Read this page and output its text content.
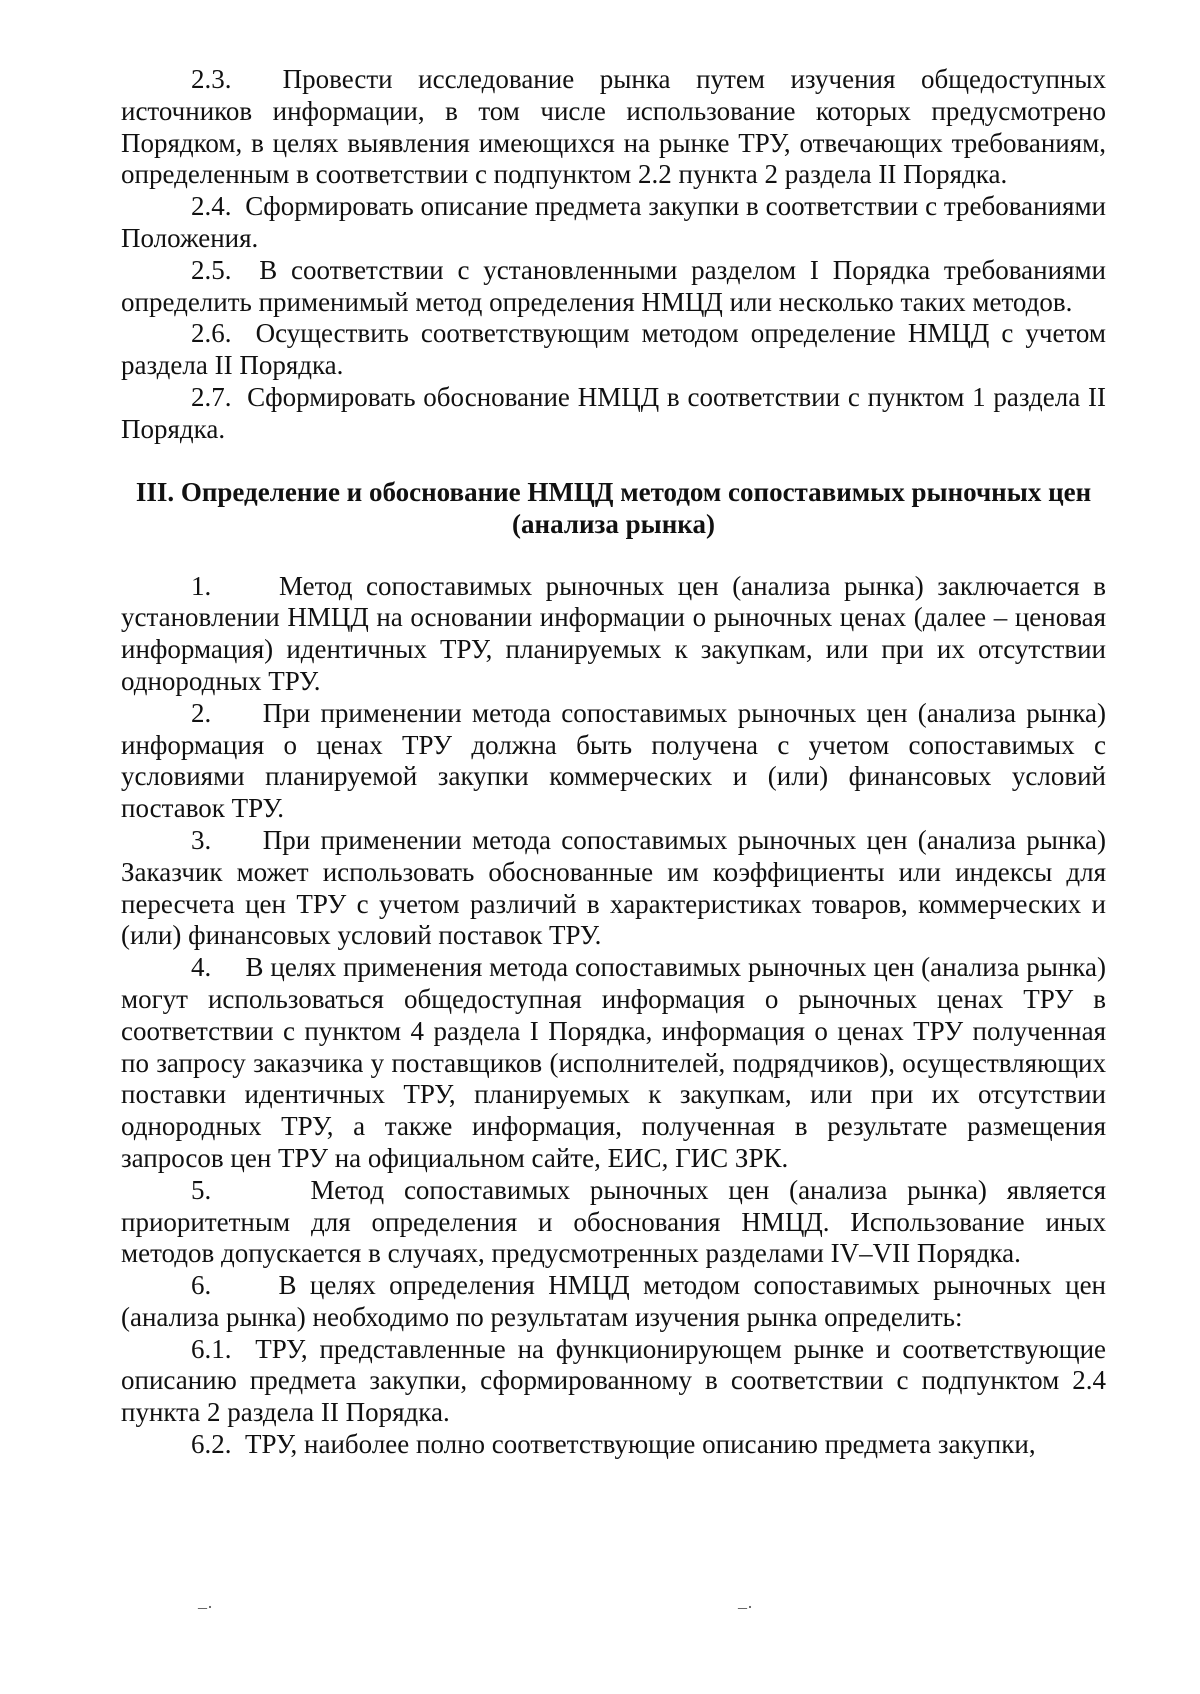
2.3. Провести исследование рынка путем изучения общедоступных источников информации, в том числе использование которых предусмотрено Порядком, в целях выявления имеющихся на рынке ТРУ, отвечающих требованиям, определенным в соответствии с подпунктом 2.2 пункта 2 раздела II Порядка.

2.4. Сформировать описание предмета закупки в соответствии с требованиями Положения.

2.5. В соответствии с установленными разделом I Порядка требованиями определить применимый метод определения НМЦД или несколько таких методов.

2.6. Осуществить соответствующим методом определение НМЦД с учетом раздела II Порядка.

2.7. Сформировать обоснование НМЦД в соответствии с пунктом 1 раздела II Порядка.

III. Определение и обоснование НМЦД методом сопоставимых рыночных цен (анализа рынка)

1.	Метод сопоставимых рыночных цен (анализа рынка) заключается в установлении НМЦД на основании информации о рыночных ценах (далее – ценовая информация) идентичных ТРУ, планируемых к закупкам, или при их отсутствии однородных ТРУ.

2. При применении метода сопоставимых рыночных цен (анализа рынка) информация о ценах ТРУ должна быть получена с учетом сопоставимых с условиями планируемой закупки коммерческих и (или) финансовых условий поставок ТРУ.

3. При применении метода сопоставимых рыночных цен (анализа рынка) Заказчик может использовать обоснованные им коэффициенты или индексы для пересчета цен ТРУ с учетом различий в характеристиках товаров, коммерческих и (или) финансовых условий поставок ТРУ.

4. В целях применения метода сопоставимых рыночных цен (анализа рынка) могут использоваться общедоступная информация о рыночных ценах ТРУ в соответствии с пунктом 4 раздела I Порядка, информация о ценах ТРУ полученная по запросу заказчика у поставщиков (исполнителей, подрядчиков), осуществляющих поставки идентичных ТРУ, планируемых к закупкам, или при их отсутствии однородных ТРУ, а также информация, полученная в результате размещения запросов цен ТРУ на официальном сайте, ЕИС, ГИС ЗРК.

5.	Метод сопоставимых рыночных цен (анализа рынка) является приоритетным для определения и обоснования НМЦД. Использование иных методов допускается в случаях, предусмотренных разделами IV–VII Порядка.

6. В целях определения НМЦД методом сопоставимых рыночных цен (анализа рынка) необходимо по результатам изучения рынка определить:

6.1. ТРУ, представленные на функционирующем рынке и соответствующие описанию предмета закупки, сформированному в соответствии с подпунктом 2.4 пункта 2 раздела II Порядка.

6.2. ТРУ, наиболее полно соответствующие описанию предмета закупки,

–·	–·
